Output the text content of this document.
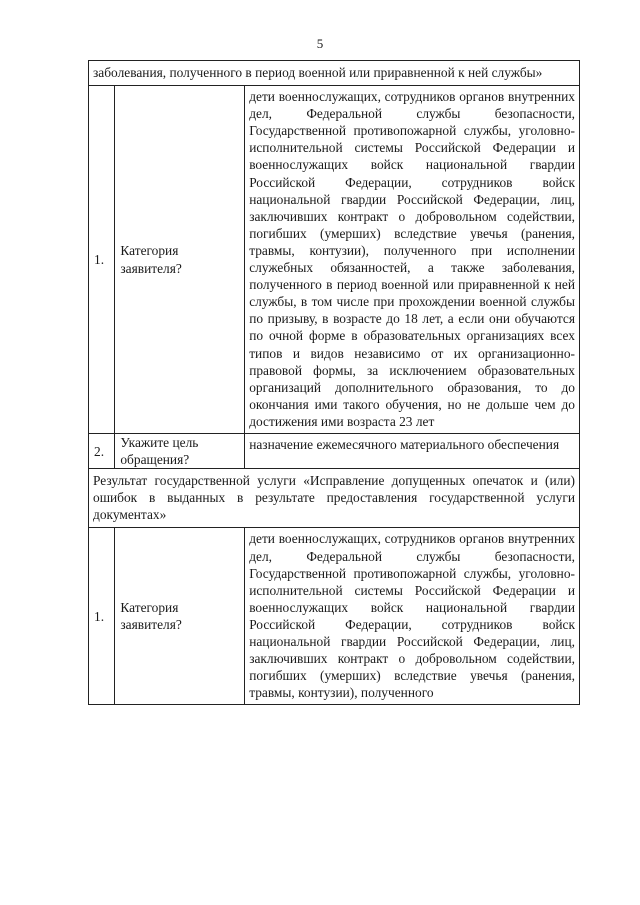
5
заболевания, полученного в период военной или приравненной к ней службы»		
1.	Категория заявителя?	дети военнослужащих, сотрудников органов внутренних дел, Федеральной службы безопасности, Государственной противопожарной службы, уголовно-исполнительной системы Российской Федерации и военнослужащих войск национальной гвардии Российской Федерации, сотрудников войск национальной гвардии Российской Федерации, лиц, заключивших контракт о добровольном содействии, погибших (умерших) вследствие увечья (ранения, травмы, контузии), полученного при исполнении служебных обязанностей, а также заболевания, полученного в период военной или приравненной к ней службы, в том числе при прохождении военной службы по призыву, в возрасте до 18 лет, а если они обучаются по очной форме в образовательных организациях всех типов и видов независимо от их организационно-правовой формы, за исключением образовательных организаций дополнительного образования, то до окончания ими такого обучения, но не дольше чем до достижения ими возраста 23 лет
2.	Укажите цель обращения?	назначение ежемесячного материального обеспечения
Результат государственной услуги «Исправление допущенных опечаток и (или) ошибок в выданных в результате предоставления государственной услуги документах»		
1.	Категория заявителя?	дети военнослужащих, сотрудников органов внутренних дел, Федеральной службы безопасности, Государственной противопожарной службы, уголовно-исполнительной системы Российской Федерации и военнослужащих войск национальной гвардии Российской Федерации, сотрудников войск национальной гвардии Российской Федерации, лиц, заключивших контракт о добровольном содействии, погибших (умерших) вследствие увечья (ранения, травмы, контузии), полученного
